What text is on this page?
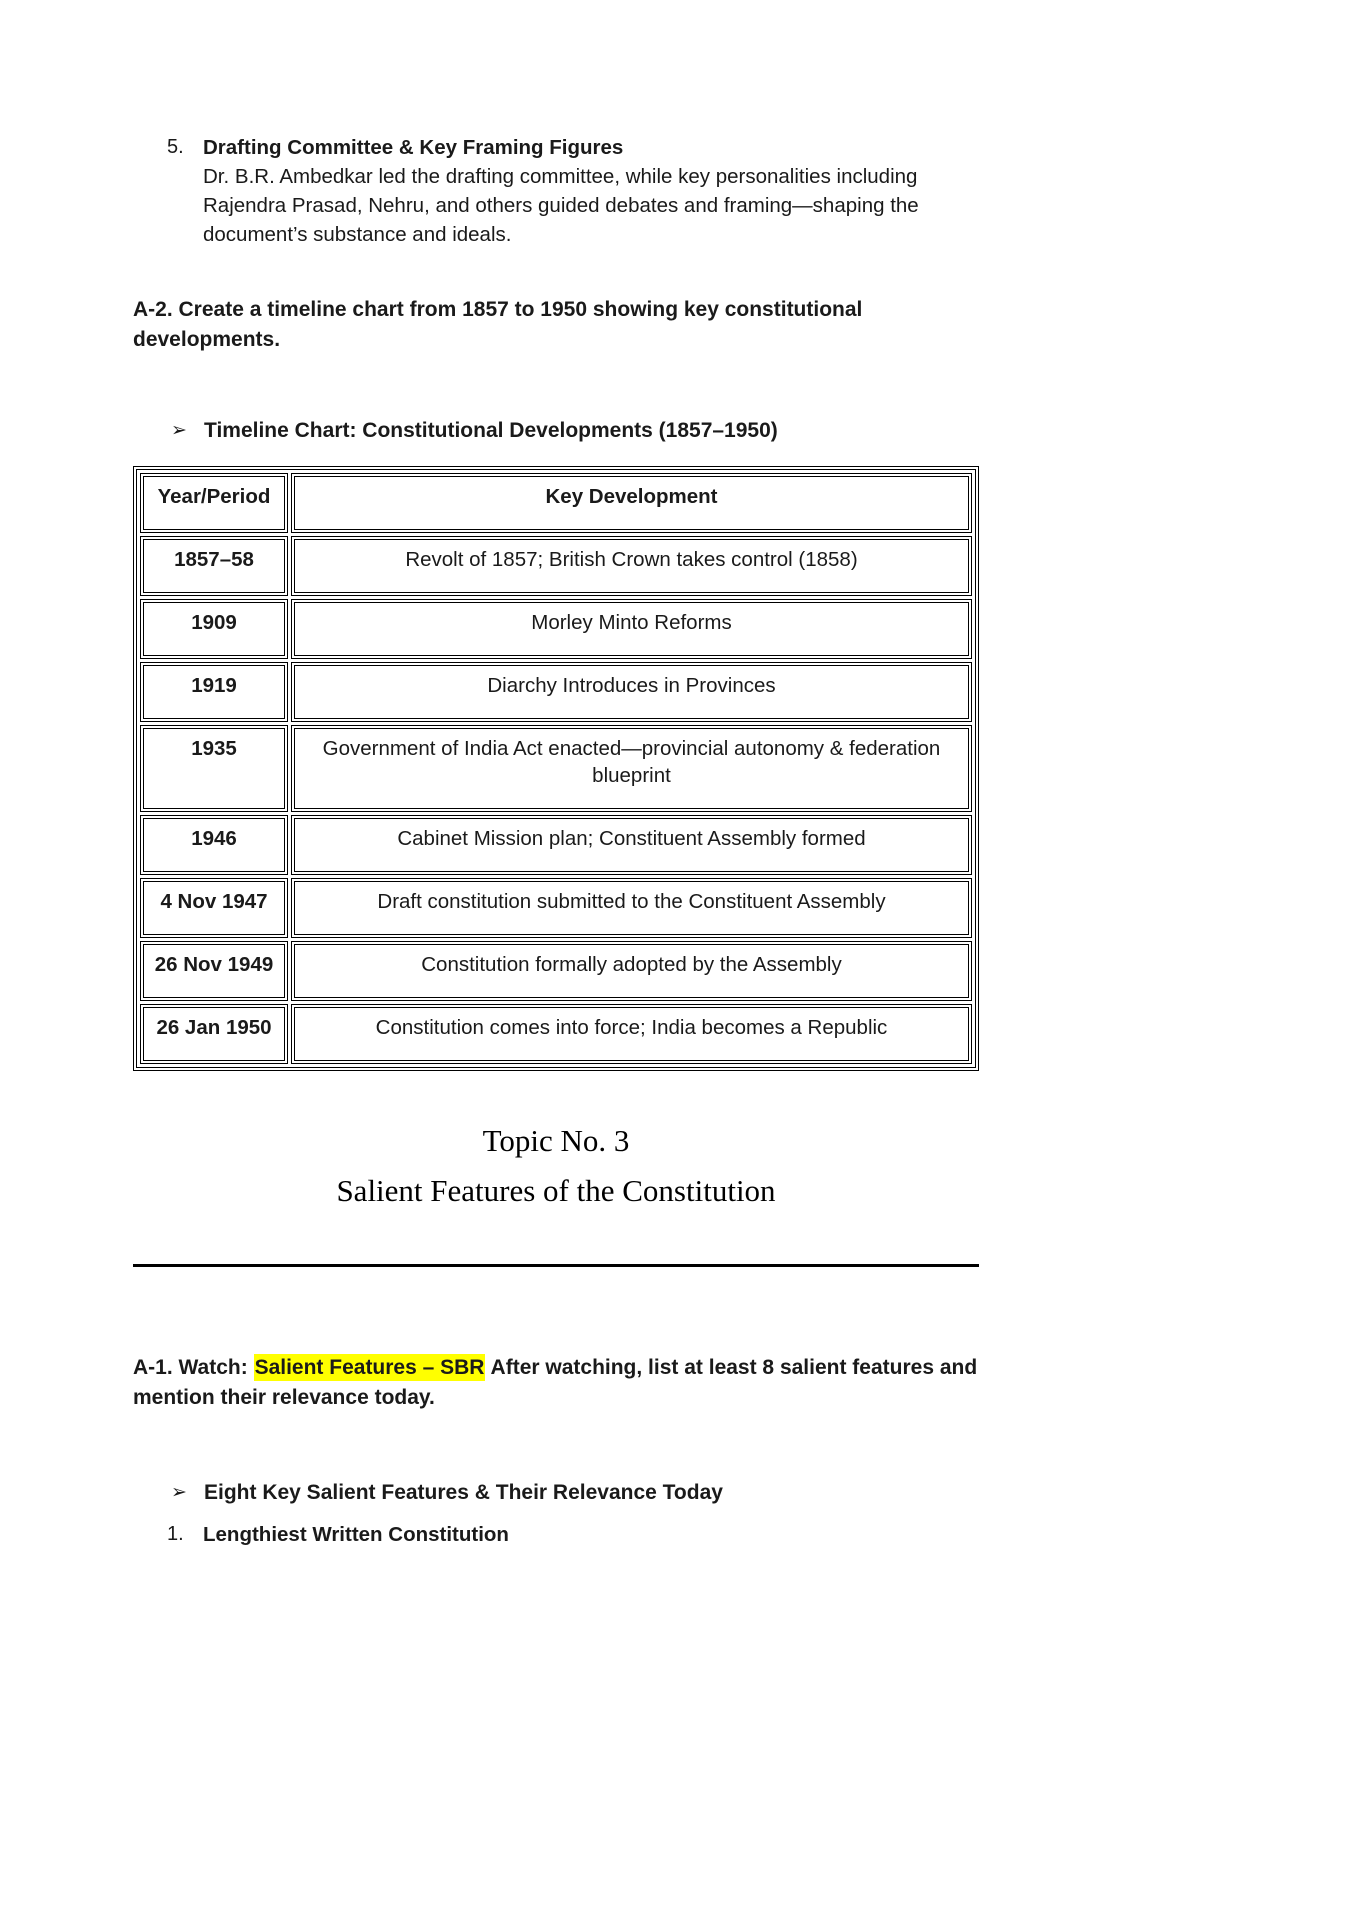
5. Drafting Committee & Key Framing Figures
Dr. B.R. Ambedkar led the drafting committee, while key personalities including Rajendra Prasad, Nehru, and others guided debates and framing—shaping the document’s substance and ideals.
A-2. Create a timeline chart from 1857 to 1950 showing key constitutional developments.
➢ Timeline Chart: Constitutional Developments (1857–1950)
Year/Period	Key Development
1857–58	Revolt of 1857; British Crown takes control (1858)
1909	Morley Minto Reforms
1919	Diarchy Introduces in Provinces
1935	Government of India Act enacted—provincial autonomy & federation blueprint
1946	Cabinet Mission plan; Constituent Assembly formed
4 Nov 1947	Draft constitution submitted to the Constituent Assembly
26 Nov 1949	Constitution formally adopted by the Assembly
26 Jan 1950	Constitution comes into force; India becomes a Republic
Topic No. 3
Salient Features of the Constitution
A-1. Watch: Salient Features – SBR After watching, list at least 8 salient features and mention their relevance today.
➢ Eight Key Salient Features & Their Relevance Today
1. Lengthiest Written Constitution
